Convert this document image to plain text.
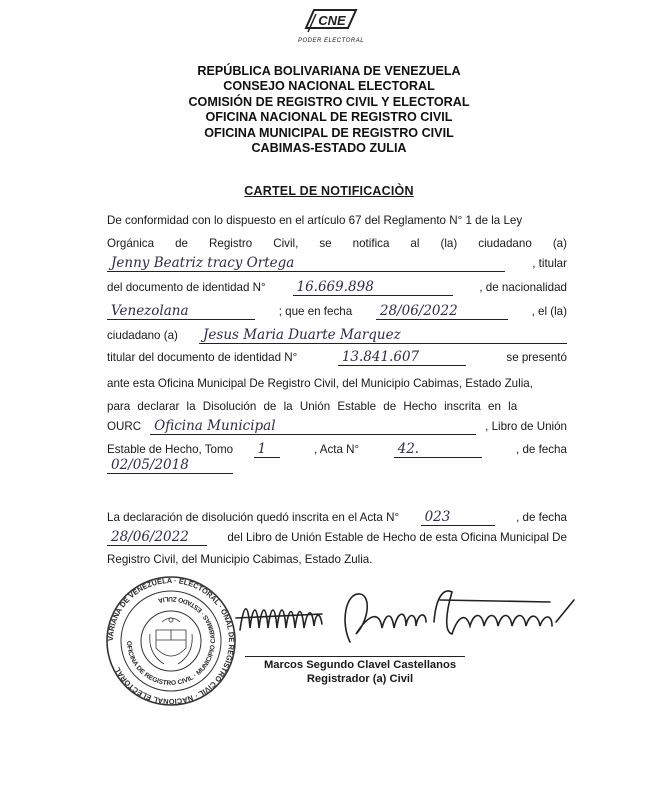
CNE
PODER ELECTORAL
REPÚBLICA BOLIVARIANA DE VENEZUELA
CONSEJO NACIONAL ELECTORAL
COMISIÓN DE REGISTRO CIVIL Y ELECTORAL
OFICINA NACIONAL DE REGISTRO CIVIL
OFICINA MUNICIPAL DE REGISTRO CIVIL
CABIMAS-ESTADO ZULIA
CARTEL DE NOTIFICACIÒN
De conformidad con lo dispuesto en el artículo 67 del Reglamento N° 1 de la Ley
Orgánica de Registro Civil, se notifica al (la) ciudadano (a)
Jenny Beatriz tracy Ortega	, titular
del documento de identidad N° 16.669.898	, de nacionalidad
Venezolana	; que en fecha 28/06/2022	, el (la)
ciudadano (a) Jesus Maria Duarte Marquez
titular del documento de identidad N°	13.841.607	se presentó
ante esta Oficina Municipal De Registro Civil, del Municipio Cabimas, Estado Zulia,
para declarar la Disolución de la Unión Estable de Hecho inscrita en la
OURC Oficina Municipal	, Libro de Unión
Estable de Hecho, Tomo 1	, Acta N°	42.	, de fecha
02/05/2018
La declaración de disolución quedó inscrita en el Acta N° 023	, de fecha
28/06/2022	del Libro de Unión Estable de Hecho de esta Oficina Municipal De
Registro Civil, del Municipio Cabimas, Estado Zulia.
VARIANA DE VENEZUELA · ELECTORAL · ONAL DE REGISTRO CIVIL · NACIONAL ELECTORAL
OFICINA DE REGISTRO CIVIL · MUNICIPIO CABIMAS · ESTADO ZULIA
Marcos Segundo Clavel Castellanos
Registrador (a) Civil
